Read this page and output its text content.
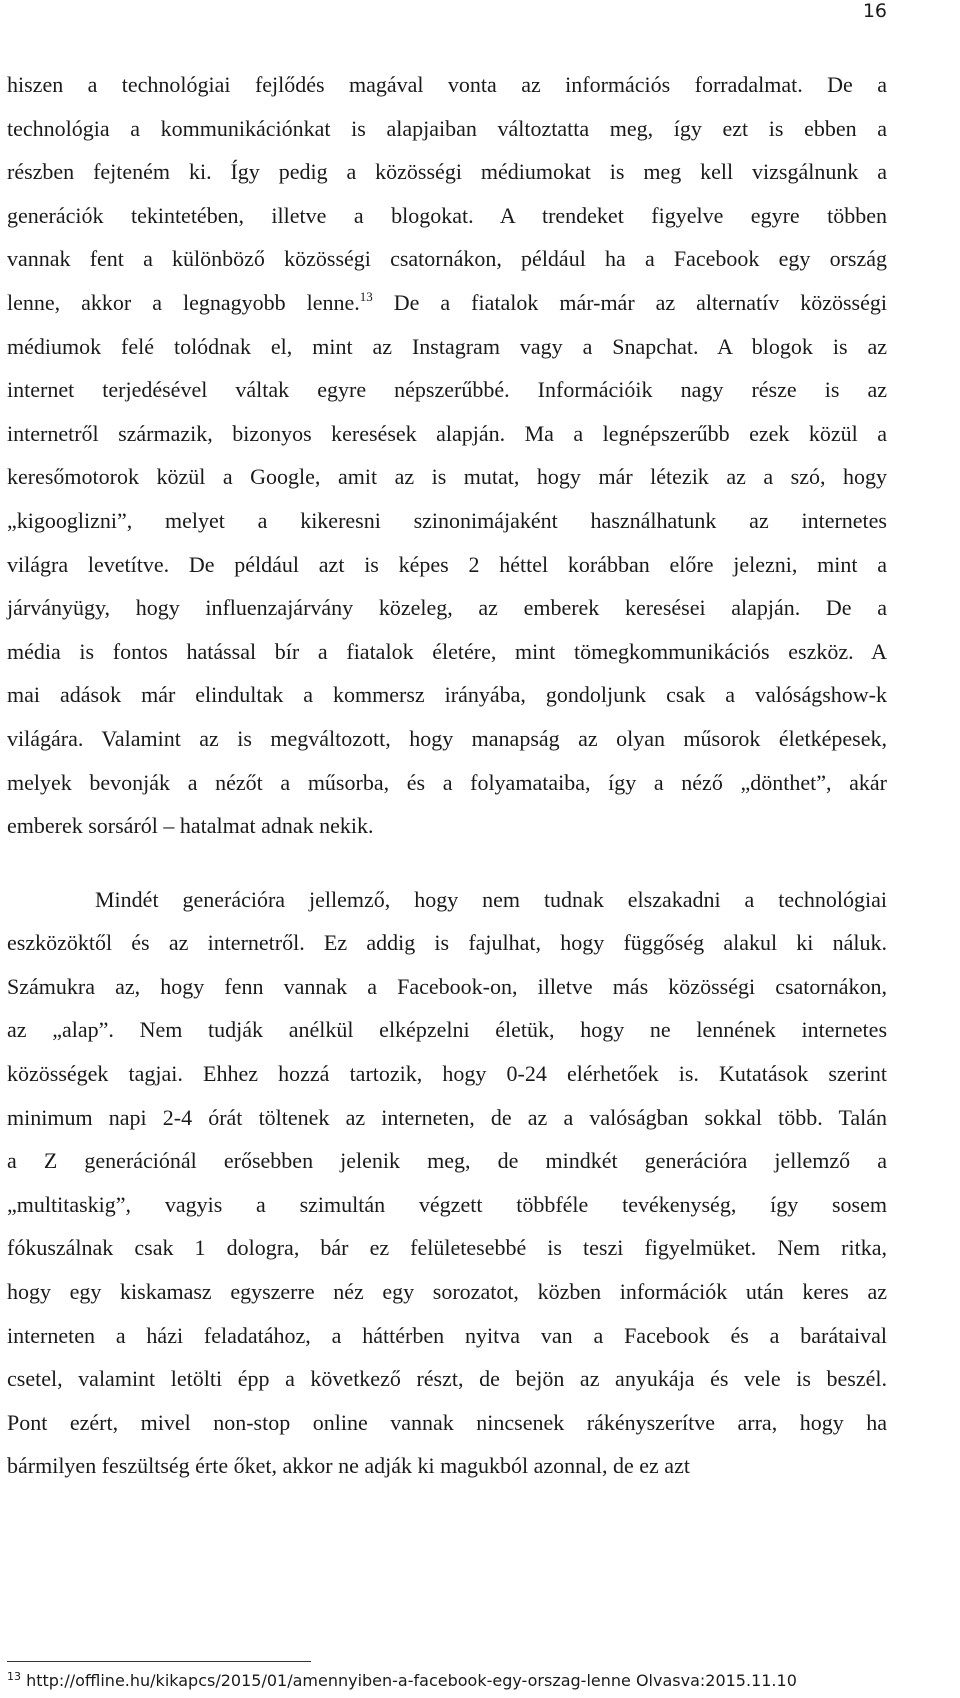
16
hiszen a technológiai fejlődés magával vonta az információs forradalmat. De a
technológia a kommunikációnkat is alapjaiban változtatta meg, így ezt is ebben a
részben fejteném ki. Így pedig a közösségi médiumokat is meg kell vizsgálnunk a
generációk tekintetében, illetve a blogokat. A trendeket figyelve egyre többen
vannak fent a különböző közösségi csatornákon, például ha a Facebook egy ország
lenne, akkor a legnagyobb lenne.$^{13}$ De a fiatalok már-már az alternatív közösségi
médiumok felé tolódnak el, mint az Instagram vagy a Snapchat. A blogok is az
internet terjedésével váltak egyre népszerűbbé. Információik nagy része is az
internetről származik, bizonyos keresések alapján. Ma a legnépszerűbb ezek közül a
keresőmotorok közül a Google, amit az is mutat, hogy már létezik az a szó, hogy
„kigooglizni”, melyet a kikeresni szinonimájaként használhatunk az internetes
világra levetítve. De például azt is képes 2 héttel korábban előre jelezni, mint a
járványügy, hogy influenzajárvány közeleg, az emberek keresései alapján. De a
média is fontos hatással bír a fiatalok életére, mint tömegkommunikációs eszköz. A
mai adások már elindultak a kommersz irányába, gondoljunk csak a valóságshow-k
világára. Valamint az is megváltozott, hogy manapság az olyan műsorok életképesek,
melyek bevonják a nézőt a műsorba, és a folyamataiba, így a néző „dönthet”, akár
emberek sorsáról – hatalmat adnak nekik.
Mindét generációra jellemző, hogy nem tudnak elszakadni a technológiai
eszközöktől és az internetről. Ez addig is fajulhat, hogy függőség alakul ki náluk.
Számukra az, hogy fenn vannak a Facebook-on, illetve más közösségi csatornákon,
az „alap”. Nem tudják anélkül elképzelni életük, hogy ne lennének internetes
közösségek tagjai. Ehhez hozzá tartozik, hogy 0-24 elérhetőek is. Kutatások szerint
minimum napi 2-4 órát töltenek az interneten, de az a valóságban sokkal több. Talán
a Z generációnál erősebben jelenik meg, de mindkét generációra jellemző a
„multitaskig”, vagyis a szimultán végzett többféle tevékenység, így sosem
fókuszálnak csak 1 dologra, bár ez felületesebbé is teszi figyelmüket. Nem ritka,
hogy egy kiskamasz egyszerre néz egy sorozatot, közben információk után keres az
interneten a házi feladatához, a háttérben nyitva van a Facebook és a barátaival
csetel, valamint letölti épp a következő részt, de bejön az anyukája és vele is beszél.
Pont ezért, mivel non-stop online vannak nincsenek rákényszerítve arra, hogy ha
bármilyen feszültség érte őket, akkor ne adják ki magukból azonnal, de ez azt
$^{13}$ http://offline.hu/kikapcs/2015/01/amennyiben-a-facebook-egy-orszag-lenne Olvasva:2015.11.10
